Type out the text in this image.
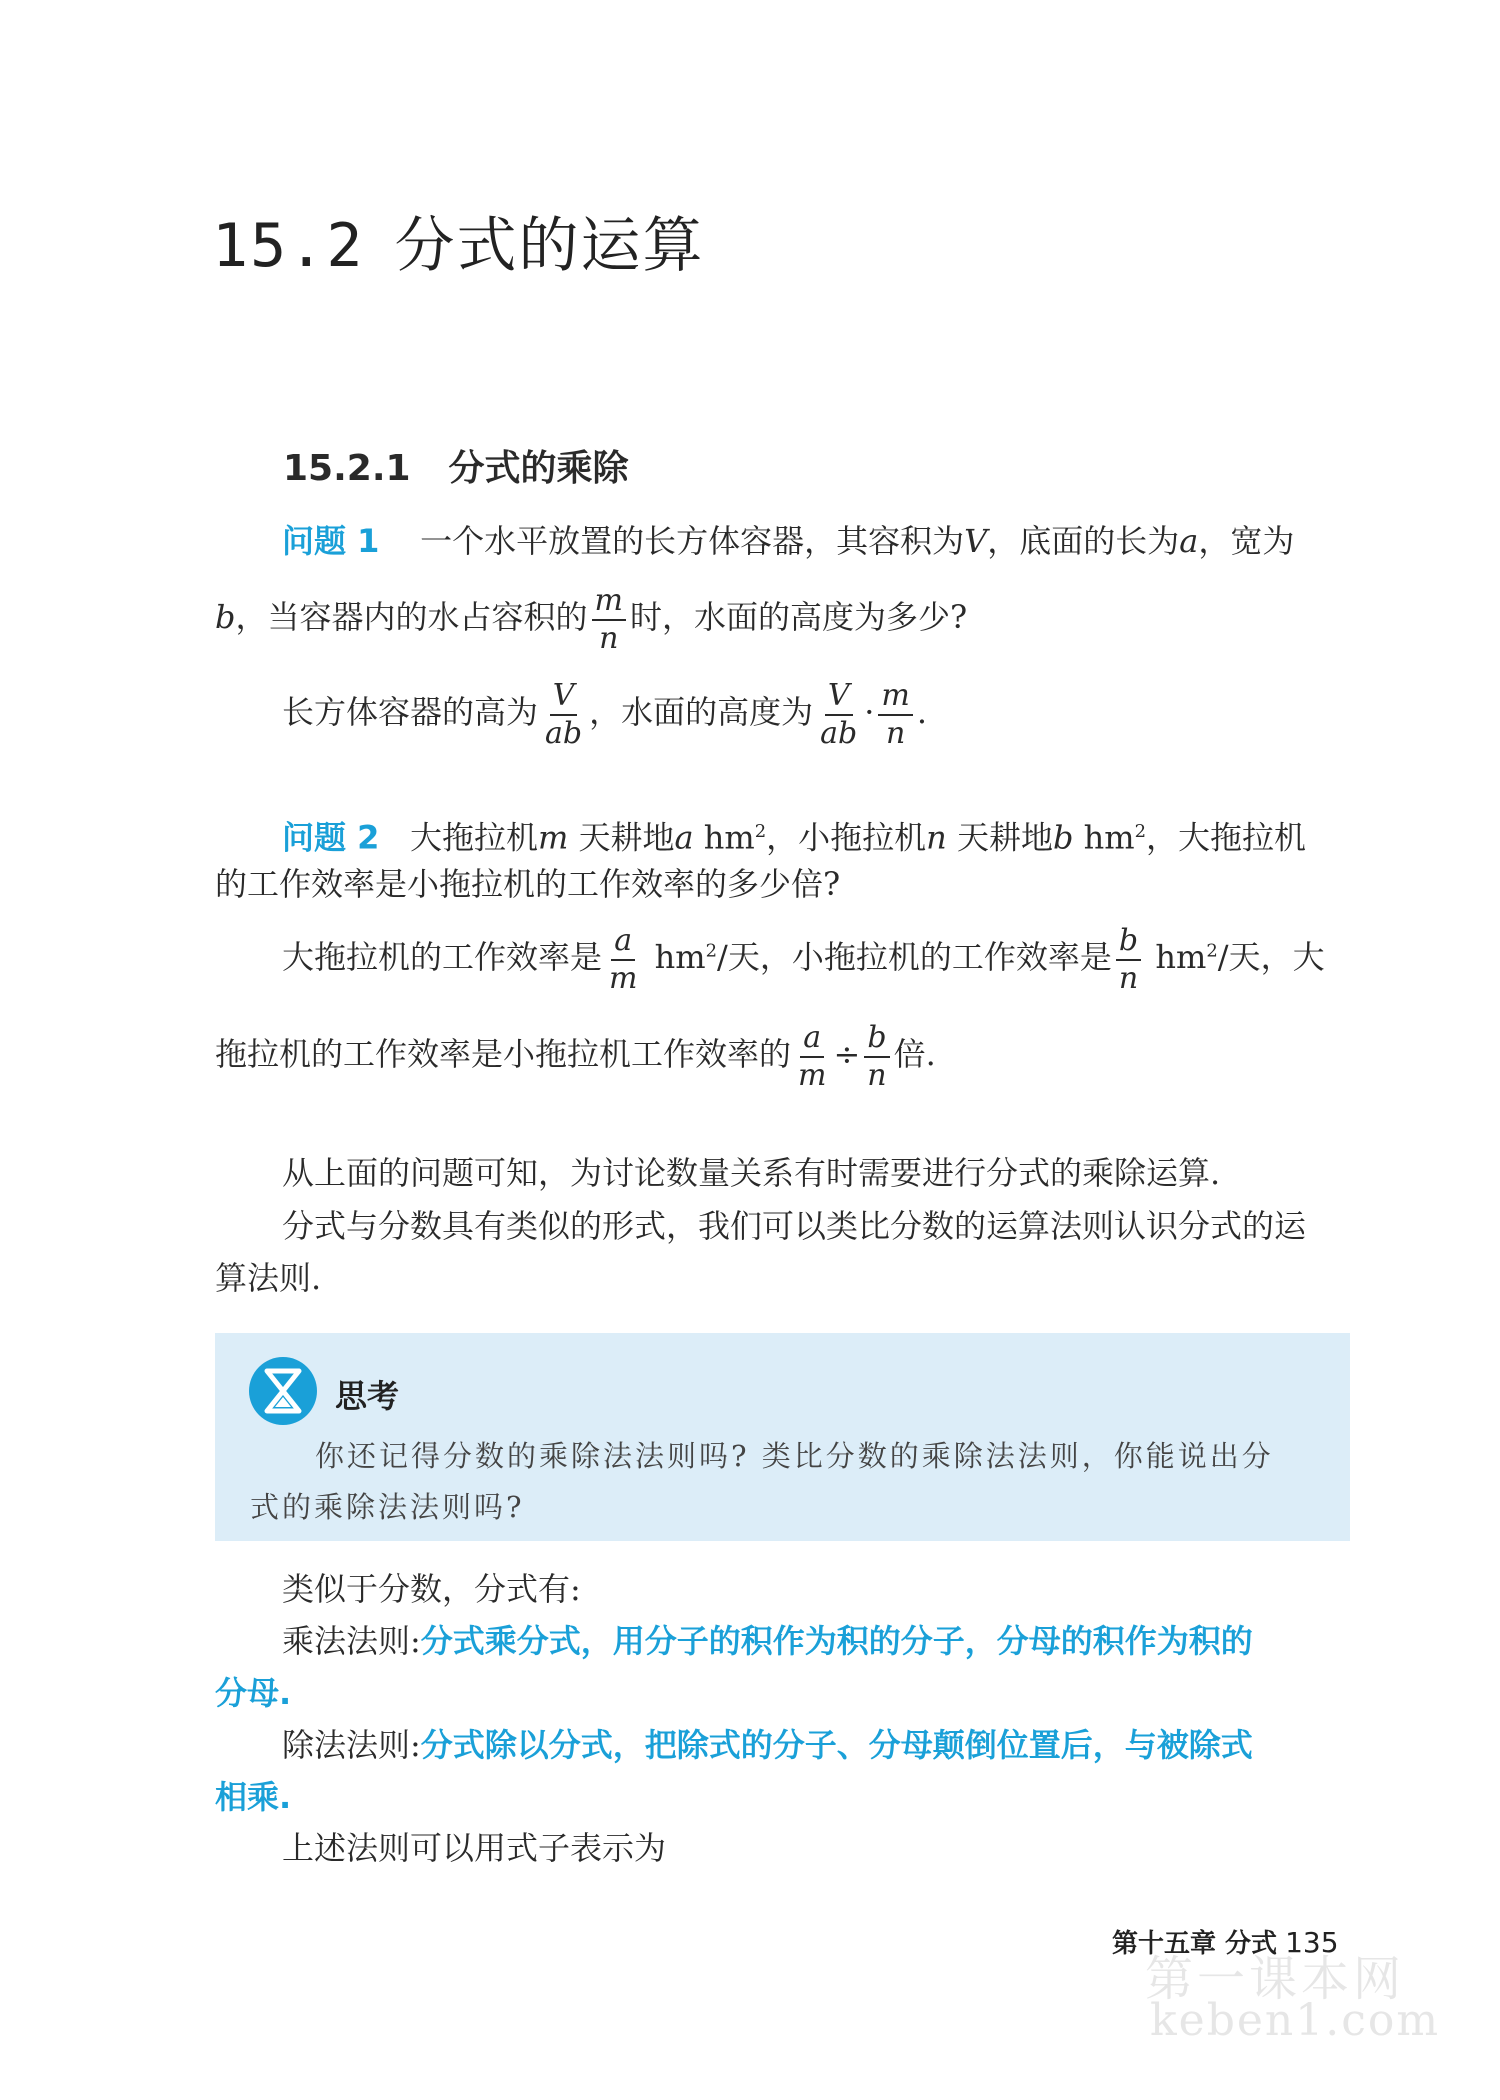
15.2 分式的运算
15.2.1 分式的乘除
问题 1 一个水平放置的长方体容器，其容积为V，底面的长为a，宽为
b，当容器内的水占容积的 $\frac{m}{n}$ 时，水面的高度为多少?
长方体容器的高为 $\frac{V}{ab}$ ，水面的高度为 $\frac{V}{ab} \cdot \frac{m}{n}$ .
问题 2 大拖拉机m 天耕地a $hm^2$，小拖拉机n 天耕地b $hm^2$，大拖拉机
的工作效率是小拖拉机的工作效率的多少倍?
大拖拉机的工作效率是 $\frac{a}{m} hm^2/$天，小拖拉机的工作效率是 $\frac{b}{n} hm^2/$天，大
拖拉机的工作效率是小拖拉机工作效率的 $\frac{a}{m} \div \frac{b}{n}$ 倍.
从上面的问题可知，为讨论数量关系有时需要进行分式的乘除运算.
分式与分数具有类似的形式，我们可以类比分数的运算法则认识分式的运
算法则.
思考
你还记得分数的乘除法法则吗? 类比分数的乘除法法则，你能说出分
式的乘除法法则吗?
类似于分数，分式有:
乘法法则:分式乘分式，用分子的积作为积的分子，分母的积作为积的
分母.
除法法则:分式除以分式，把除式的分子、分母颠倒位置后，与被除式
相乘.
上述法则可以用式子表示为
第十五章 分式 135
第一课本网
keben1.com
